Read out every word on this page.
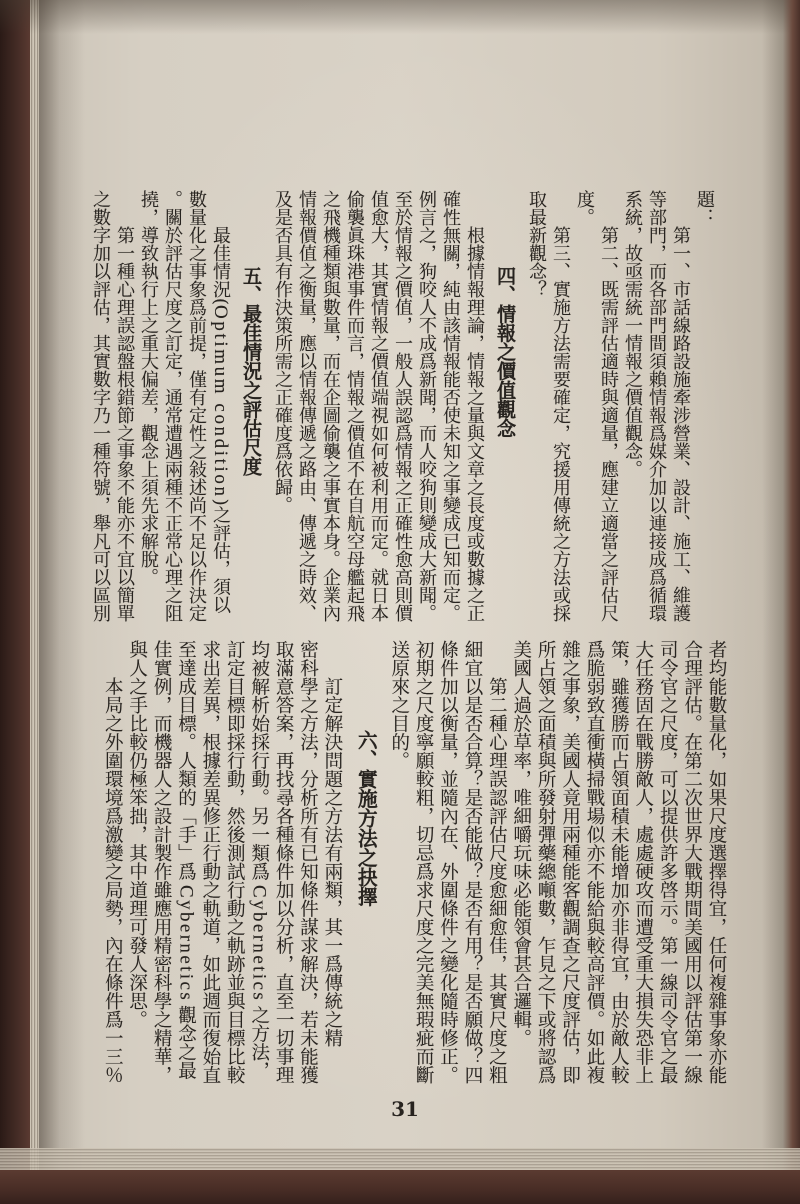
題：
第一、市話線路設施牽涉營業、設計、施工、維護
等部門，而各部門間須賴情報爲媒介加以連接成爲循環
系統，故亟需統一情報之價值觀念。
第二、既需評估適時與適量，應建立適當之評估尺
度。
第三、實施方法需要確定，究援用傳統之方法或採
取最新觀念？
四、情報之價值觀念
根據情報理論，情報之量與文章之長度或數據之正
確性無關，純由該情報能否使未知之事變成已知而定。
例言之，狗咬人不成爲新聞，而人咬狗則變成大新聞。
至於情報之價值，一般人誤認爲情報之正確性愈高則價
值愈大，其實情報之價值端視如何被利用而定。就日本
偷襲眞珠港事件而言，情報之價值不在自航空母艦起飛
之飛機種類與數量，而在企圖偷襲之事實本身。企業內
情報價值之衡量，應以情報傳遞之路由、傳遞之時效、
及是否具有作決策所需之正確度爲依歸。
五、最佳情況之評估尺度
最佳情況(Optimum condition)之評估，須以
數量化之事象爲前提，僅有定性之敍述尚不足以作決定
。關於評估尺度之訂定，通常遭遇兩種不正常心理之阻
撓，導致執行上之重大偏差，觀念上須先求解脫。
第一種心理誤認盤根錯節之事象不能亦不宜以簡單
之數字加以評估，其實數字乃一種符號，舉凡可以區別
者均能數量化，如果尺度選擇得宜，任何複雜事象亦能
合理評估。在第二次世界大戰期間美國用以評估第一線
司令官之尺度，可以提供許多啓示。第一線司令官之最
大任務固在戰勝敵人，處處硬攻而遭受重大損失恐非上
策，雖獲勝而占領面積未能增加亦非得宜，由於敵人較
爲脆弱致直衝橫掃戰場似亦不能給與較高評價。如此複
雜之事象，美國人竟用兩種能客觀調查之尺度評估，即
所占領之面積與所發射彈藥總噸數，乍見之下或將認爲
美國人過於草率，唯細嚼玩味必能領會甚合邏輯。
第二種心理誤認評估尺度愈細愈佳，其實尺度之粗
細宜以是否合算？是否能做？是否有用？是否願做？四
條件加以衡量，並隨內在、外圍條件之變化隨時修正。
初期之尺度寧願較粗，切忌爲求尺度之完美無瑕疵而斷
送原來之目的。
六、實施方法之抉擇
訂定解決問題之方法有兩類，其一爲傳統之精
密科學之方法，分析所有已知條件謀求解決，若未能獲
取滿意答案，再找尋各種條件加以分析，直至一切事理
均被解析始採行動。另一類爲Cybernetics之方法，
訂定目標即採行動，然後測試行動之軌跡並與目標比較
求出差異，根據差異修正行動之軌道，如此週而復始直
至達成目標。人類的「手」爲Cybernetics觀念之最
佳實例，而機器人之設計製作雖應用精密科學之精華，
與人之手比較仍極笨拙，其中道理可發人深思。
本局之外圍環境爲激變之局勢，內在條件爲一三％
31
